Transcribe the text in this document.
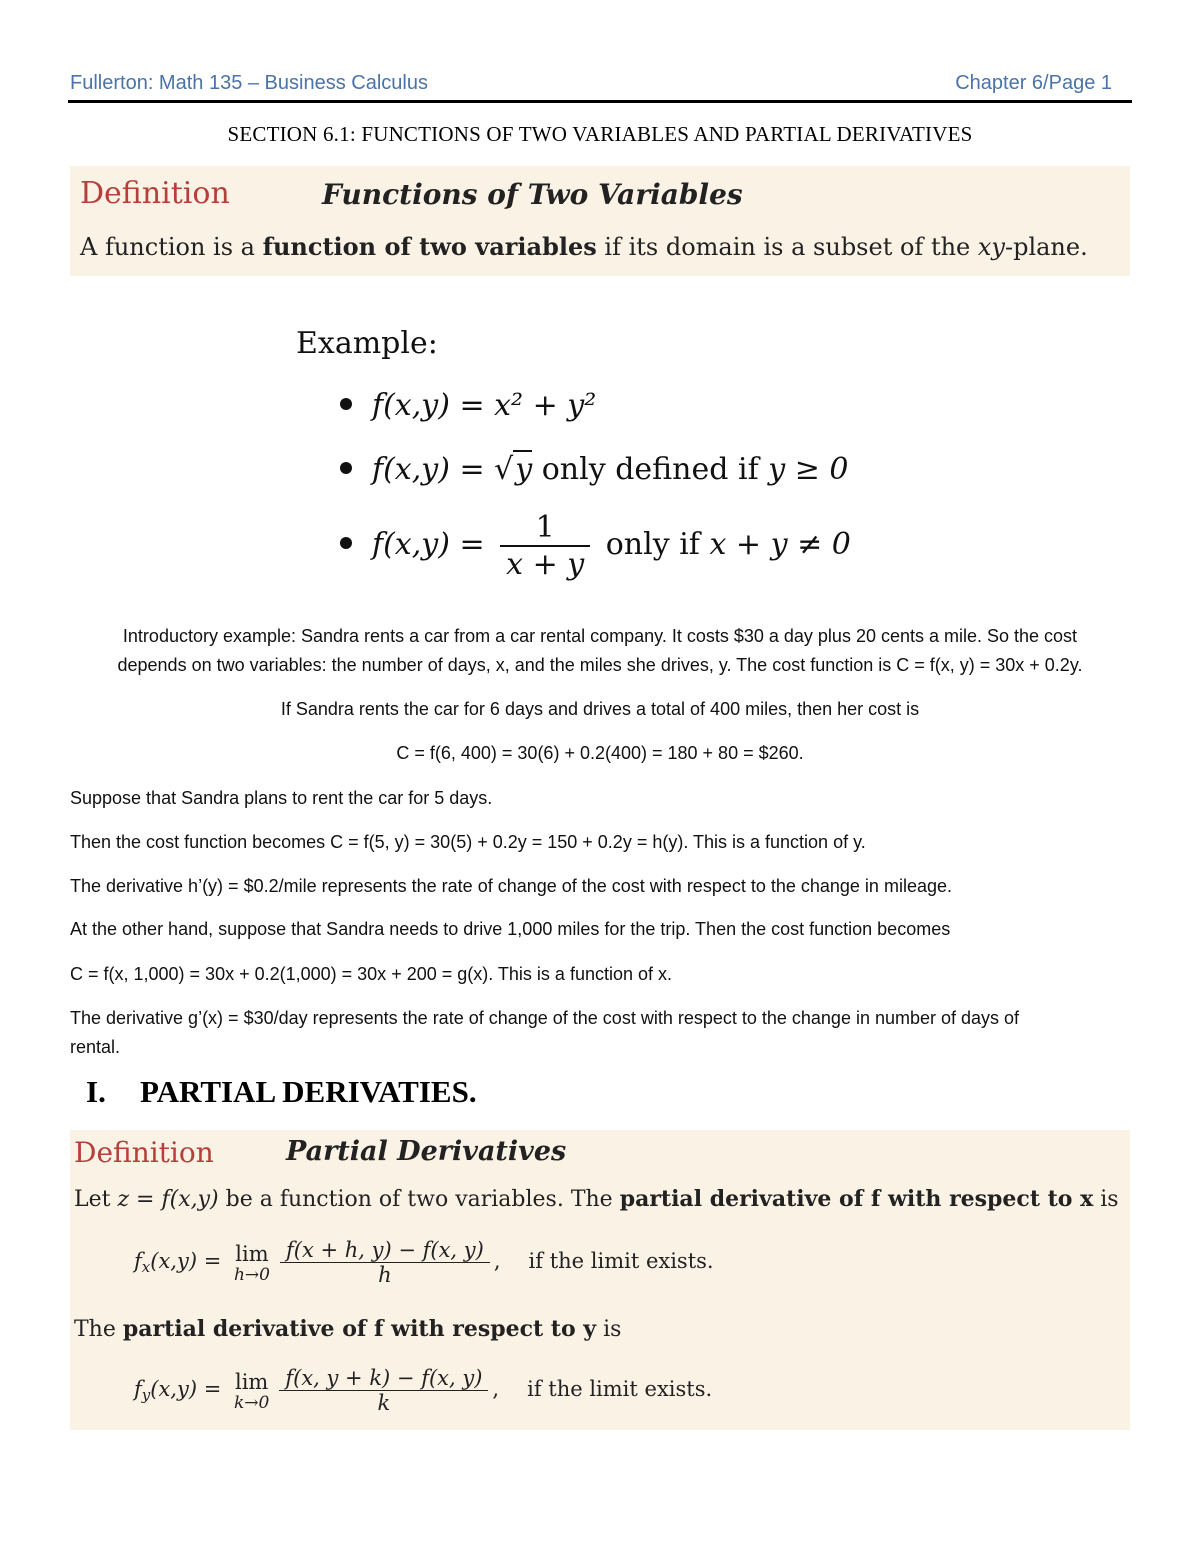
Fullerton: Math 135 – Business Calculus	Chapter 6/Page 1
SECTION 6.1: FUNCTIONS OF TWO VARIABLES AND PARTIAL DERIVATIVES
Definition	Functions of Two Variables
A function is a function of two variables if its domain is a subset of the xy-plane.
Example:
f(x,y) = x² + y²
f(x,y) = √y only defined if y ≥ 0
$f(x,y) = \frac{1}{x + y}$ only if x + y ≠ 0
Introductory example: Sandra rents a car from a car rental company. It costs $30 a day plus 20 cents a mile. So the cost
depends on two variables: the number of days, x, and the miles she drives, y. The cost function is C = f(x, y) = 30x + 0.2y.
If Sandra rents the car for 6 days and drives a total of 400 miles, then her cost is
C = f(6, 400) = 30(6) + 0.2(400) = 180 + 80 = $260.
Suppose that Sandra plans to rent the car for 5 days.
Then the cost function becomes C = f(5, y) = 30(5) + 0.2y = 150 + 0.2y = h(y). This is a function of y.
The derivative h’(y) = $0.2/mile represents the rate of change of the cost with respect to the change in mileage.
At the other hand, suppose that Sandra needs to drive 1,000 miles for the trip. Then the cost function becomes
C = f(x, 1,000) = 30x + 0.2(1,000) = 30x + 200 = g(x). This is a function of x.
The derivative g’(x) = $30/day represents the rate of change of the cost with respect to the change in number of days of
rental.
I. PARTIAL DERIVATIES.
Definition	Partial Derivatives
Let z = f(x,y) be a function of two variables. The partial derivative of f with respect to x is
$f_x(x,y) = \lim$
$h\to 0 \frac{f(x + h, y) - f(x, y)}{h}$ , if the limit exists.
The partial derivative of f with respect to y is
$f_y(x,y) = \lim$
$k\to 0 \frac{f(x, y + k) - f(x, y)}{k}$ , if the limit exists.
